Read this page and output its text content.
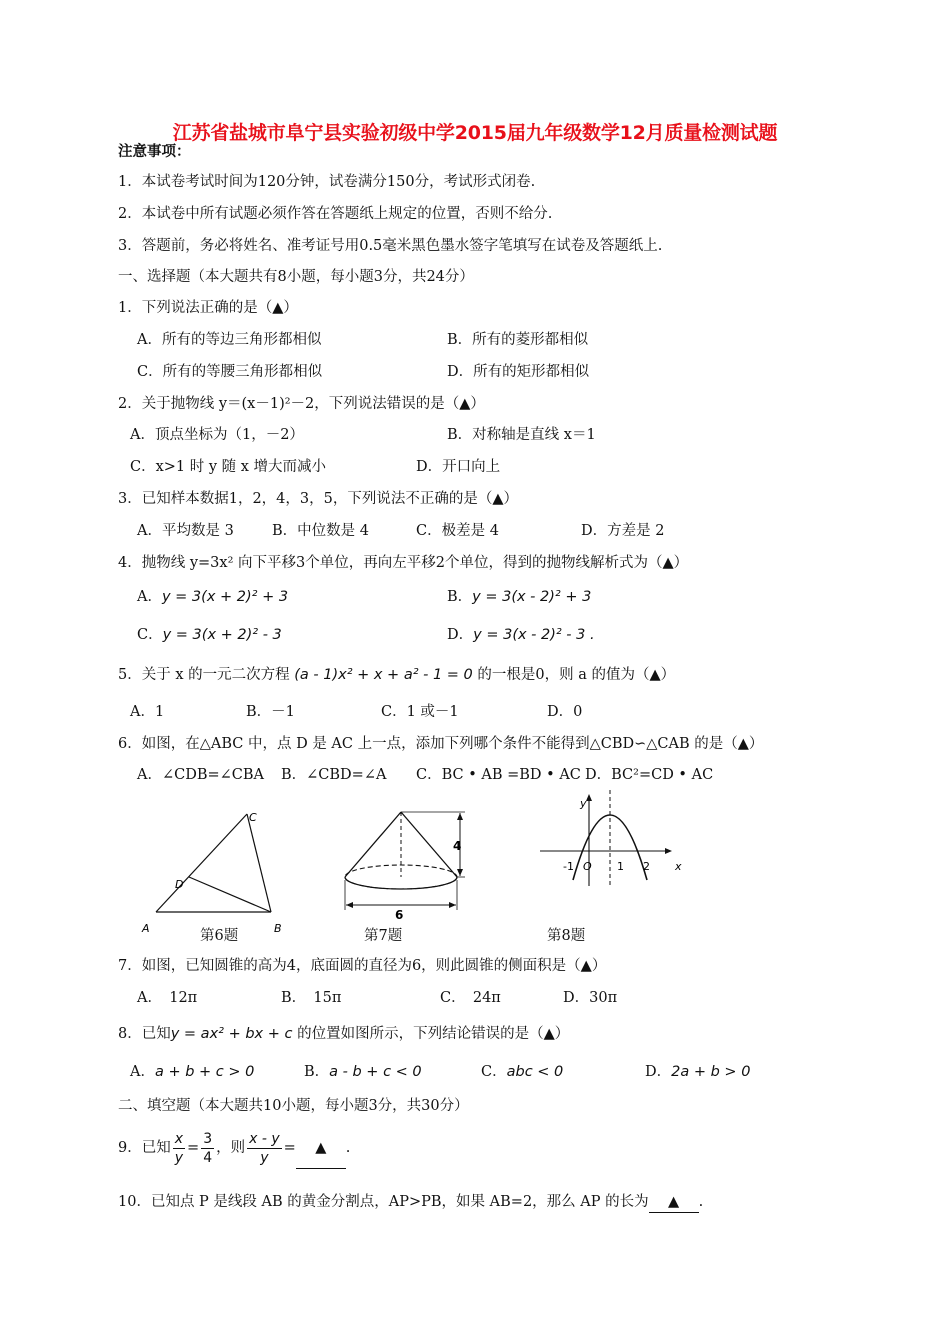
江苏省盐城市阜宁县实验初级中学2015届九年级数学12月质量检测试题
注意事项：
1．本试卷考试时间为120分钟，试卷满分150分，考试形式闭卷.
2．本试卷中所有试题必须作答在答题纸上规定的位置，否则不给分.
3．答题前，务必将姓名、准考证号用0.5毫米黑色墨水签字笔填写在试卷及答题纸上.
一、选择题（本大题共有8小题，每小题3分，共24分）
1．下列说法正确的是（▲）
A．所有的等边三角形都相似	B．所有的菱形都相似
C．所有的等腰三角形都相似	D．所有的矩形都相似
2．关于抛物线 y＝(x－1)²－2，下列说法错误的是（▲）
A．顶点坐标为（1，－2）	B．对称轴是直线 x＝1
C．x>1 时 y 随 x 增大而减小	D．开口向上
3．已知样本数据1，2，4，3，5，下列说法不正确的是（▲）
A．平均数是 3	B．中位数是 4	C．极差是 4	D．方差是 2
4．抛物线 y=3x² 向下平移3个单位，再向左平移2个单位，得到的抛物线解析式为（▲）
A．y = 3(x + 2)² + 3	B．y = 3(x - 2)² + 3
C．y = 3(x + 2)² - 3	D．y = 3(x - 2)² - 3 .
5．关于 x 的一元二次方程 (a - 1)x² + x + a² - 1 = 0 的一根是0，则 a 的值为（▲）
A．1	B．－1	C．1 或－1	D．0
6．如图，在△ABC 中，点 D 是 AC 上一点，添加下列哪个条件不能得到△CBD∽△CAB 的是（▲）
A．∠CDB=∠CBA B．∠CBD=∠A C．BC • AB =BD • AC D．BC²=CD • AC
A	B
C
D
第6题
4
6
第7题
y
x
O
-1	1 2
第8题
7．如图，已知圆锥的高为4，底面圆的直径为6，则此圆锥的侧面积是（▲）
A．　12π	B．　15π	C．　24π	D．30π
8．已知y = ax² + bx + c 的位置如图所示，下列结论错误的是（▲）
A．a + b + c > 0	B．a - b + c < 0	C．abc < 0	D．2a + b > 0
二、填空题（本大题共10小题，每小题3分，共30分）
9．已知 $\frac{x}{y} = \frac{3}{4}$ ，则 $\frac{x - y}{y}$ = ▲ .
10．已知点 P 是线段 AB 的黄金分割点，AP>PB，如果 AB=2，那么 AP 的长为 ▲ .
